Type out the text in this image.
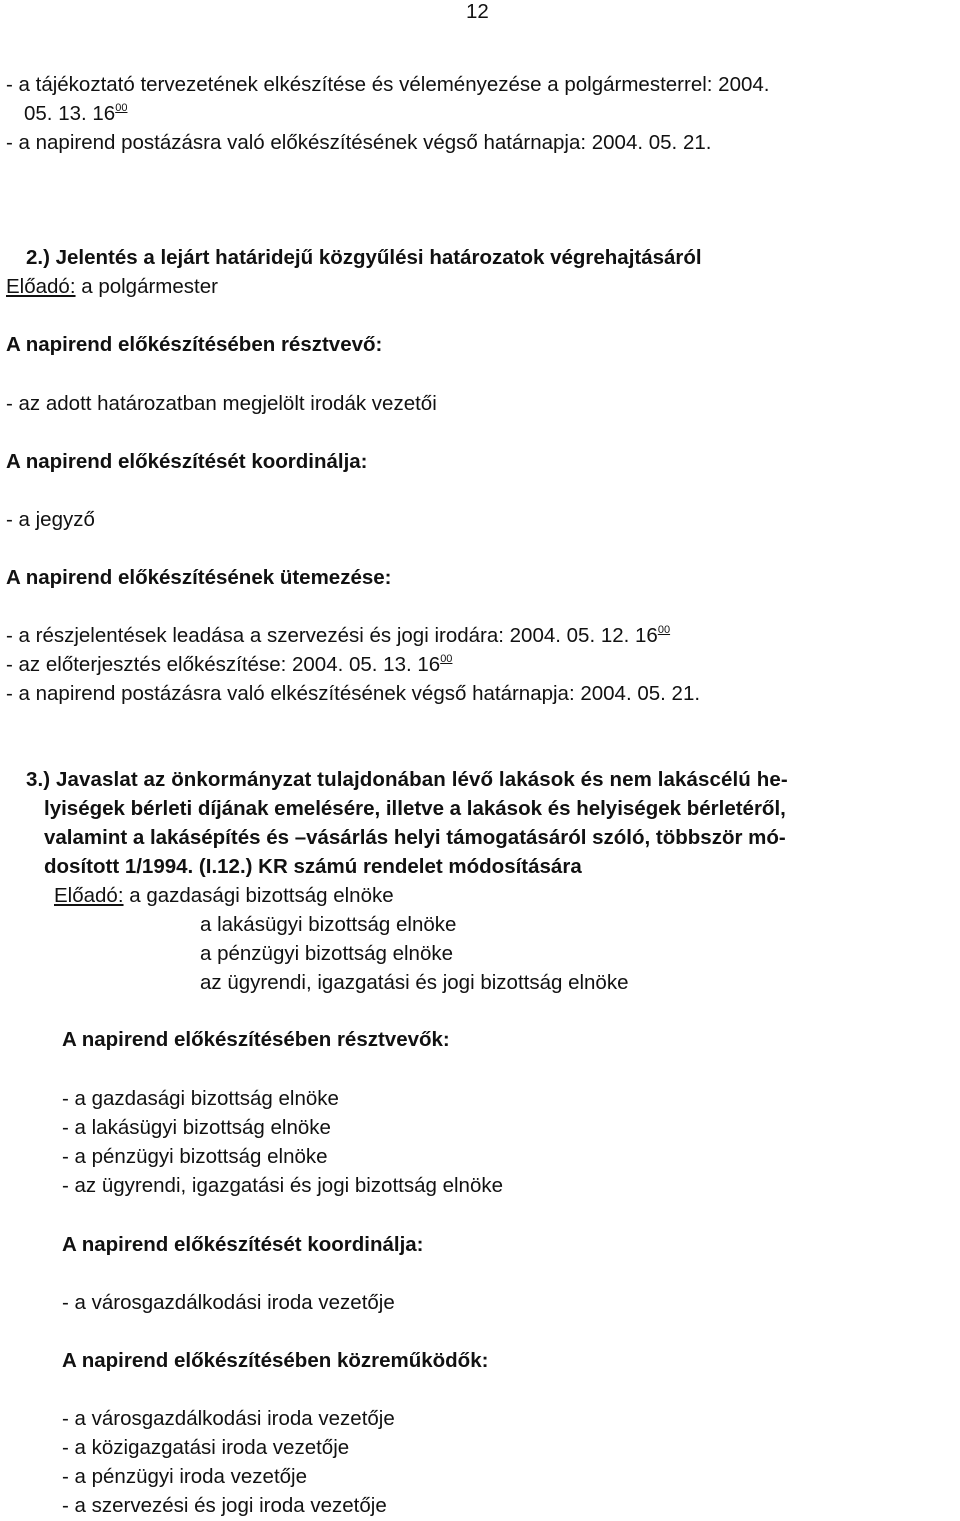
12
- a tájékoztató tervezetének elkészítése és véleményezése a polgármesterrel: 2004.
05. 13. $16^{00}$
- a napirend postázásra való előkészítésének végső határnapja: 2004. 05. 21.
2.) Jelentés a lejárt határidejű közgyűlési határozatok végrehajtásáról
Előadó: a polgármester
A napirend előkészítésében résztvevő:
- az adott határozatban megjelölt irodák vezetői
A napirend előkészítését koordinálja:
- a jegyző
A napirend előkészítésének ütemezése:
- a részjelentések leadása a szervezési és jogi irodára: 2004. 05. 12. $16^{00}$
- az előterjesztés előkészítése: 2004. 05. 13. $16^{00}$
- a napirend postázásra való elkészítésének végső határnapja: 2004. 05. 21.
3.) Javaslat az önkormányzat tulajdonában lévő lakások és nem lakáscélú he-
lyiségek bérleti díjának emelésére, illetve a lakások és helyiségek bérletéről,
valamint a lakásépítés és –vásárlás helyi támogatásáról szóló, többször mó-
dosított 1/1994. (I.12.) KR számú rendelet módosítására
Előadó: a gazdasági bizottság elnöke
a lakásügyi bizottság elnöke
a pénzügyi bizottság elnöke
az ügyrendi, igazgatási és jogi bizottság elnöke
A napirend előkészítésében résztvevők:
- a gazdasági bizottság elnöke
- a lakásügyi bizottság elnöke
- a pénzügyi bizottság elnöke
- az ügyrendi, igazgatási és jogi bizottság elnöke
A napirend előkészítését koordinálja:
- a városgazdálkodási iroda vezetője
A napirend előkészítésében közreműködők:
- a városgazdálkodási iroda vezetője
- a közigazgatási iroda vezetője
- a pénzügyi iroda vezetője
- a szervezési és jogi iroda vezetője
